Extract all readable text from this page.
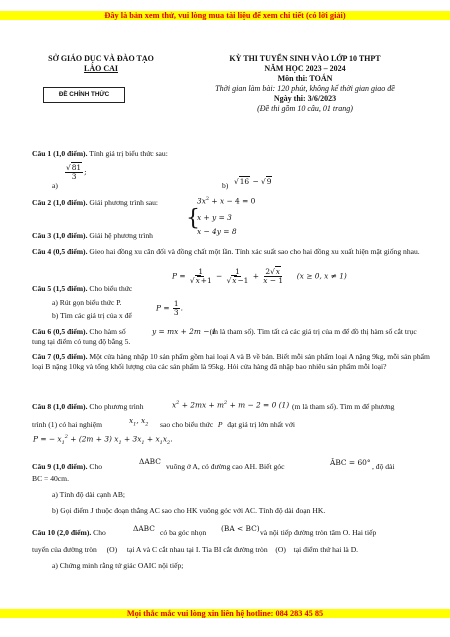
Đây là bản xem thử, vui lòng mua tài liệu để xem chi tiết (có lời giải)
SỞ GIÁO DỤC VÀ ĐÀO TẠO
LÀO CAI
ĐỀ CHÍNH THỨC
KỲ THI TUYỂN SINH VÀO LỚP 10 THPT
NĂM HỌC 2023 – 2024
Môn thi: TOÁN
Thời gian làm bài: 120 phút, không kể thời gian giao đề
Ngày thi: 3/6/2023
(Đề thi gồm 10 câu, 01 trang)
Câu 1 (1,0 điểm). Tính giá trị biểu thức sau:
a)
√ $\frac{81}{3}$ ;
b) √	16 − √ 9
Câu 2 (1,0 điểm). Giải phương trình sau:	$3x^2 + x - 4 = 0$
Câu 3 (1,0 điểm). Giải hệ phương trình
{
x + y = 3
x − 4y = 8
Câu 4 (0,5 điểm). Gieo hai đồng xu cân đối và đồng chất một lần. Tính xác suất sao cho hai đồng xu xuất hiện mặt giống nhau.
Câu 5 (1,5 điểm). Cho biểu thức
P = 1
√ x+1 − 1
√ $x-1 + \frac{2 √ x}{x - 1} (x \ge 0$, x ≠ 1)
a) Rút gọn biểu thức P.
b) Tìm các giá trị của x để
$P = \frac{1}{3}$ .
Câu 6 (0,5 điểm). Cho hàm số	(m là tham số). Tìm tất cả các giá trị của m để đồ thị hàm số cắt trục tung tại điểm có tung độ bằng 5.
y = mx + 2m − 1
Câu 7 (0,5 điểm). Một cửa hàng nhập 10 sản phẩm gồm hai loại A và B về bán. Biết mỗi sản phẩm loại A nặng 9kg, mỗi sản phẩm loại B nặng 10kg và tổng khối lượng của các sản phẩm là 95kg. Hỏi cửa hàng đã nhập bao nhiêu sản phẩm mỗi loại?
Câu 8 (1,0 điểm). Cho phương trình	$x^2 + 2mx + m^2 + m - 2 = 0$ (1) (m là tham số). Tìm m để phương
trình (1) có hai nghiệm	$x_1$, $x_2$ sao cho biểu thức P đạt giá trị lớn nhất với
P = − $x_1^2 + (2m + 3) x_1 + 3x_1 + x_1x_2$.
Câu 9 (1,0 điểm). Cho
ΔABC
vuông ở A, có đường cao AH. Biết góc	ÂBC = 60° , độ dài
BC = 40cm.
a) Tính độ dài cạnh AB;
b) Gọi điểm J thuộc đoạn thẳng AC sao cho HK vuông góc với AC. Tính độ dài đoạn HK.
Câu 10 (2,0 điểm). Cho	ΔABC có ba góc nhọn	(BA < BC) và nội tiếp đường tròn tâm O. Hai tiếp
tuyến của đường tròn (O) tại A và C cắt nhau tại I. Tia BI cắt đường tròn (O) tại điểm thứ hai là D.
a) Chứng minh rằng tứ giác OAIC nội tiếp;
Mọi thắc mắc vui lòng xin liên hệ hotline: 084 283 45 85
